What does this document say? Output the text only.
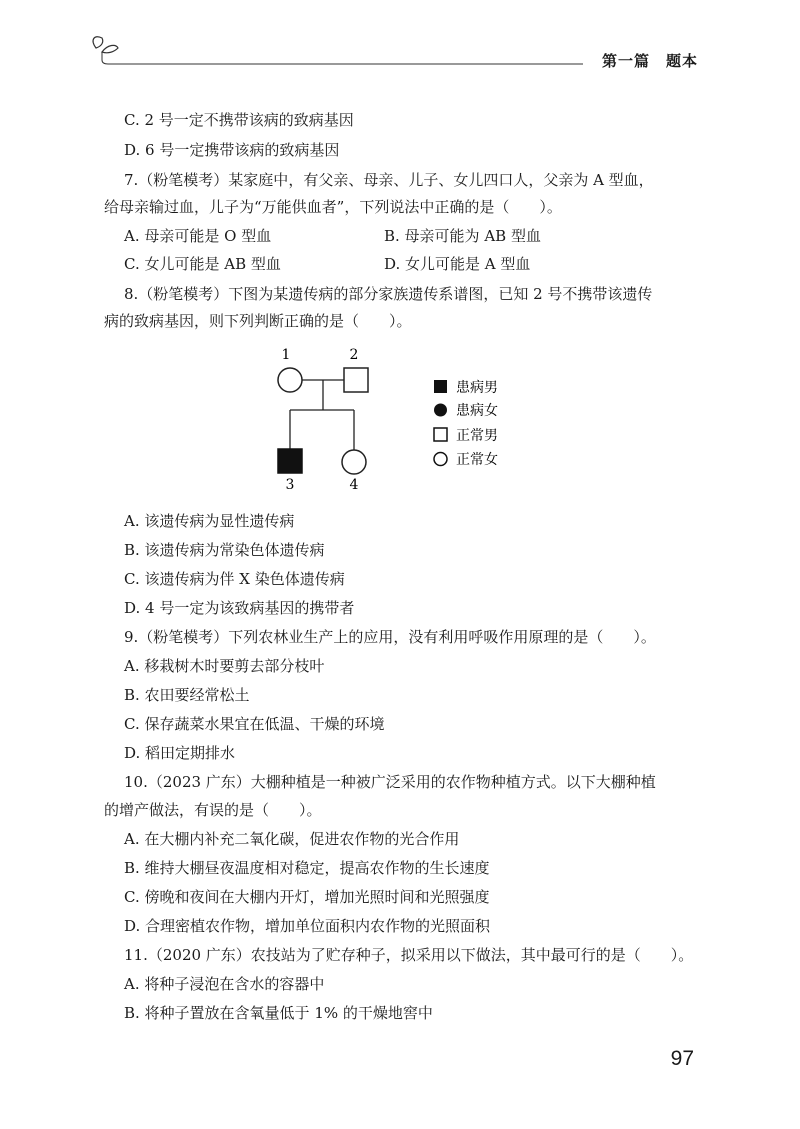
第一篇　题本
C. 2 号一定不携带该病的致病基因
D. 6 号一定携带该病的致病基因
7.（粉笔模考）某家庭中，有父亲、母亲、儿子、女儿四口人，父亲为 A 型血，
给母亲输过血，儿子为“万能供血者”，下列说法中正确的是（　　）。
A. 母亲可能是 O 型血	B. 母亲可能为 AB 型血
C. 女儿可能是 AB 型血	D. 女儿可能是 A 型血
8.（粉笔模考）下图为某遗传病的部分家族遗传系谱图，已知 2 号不携带该遗传
病的致病基因，则下列判断正确的是（　　）。
1	2
3	4
患病男
患病女
正常男
正常女
A. 该遗传病为显性遗传病
B. 该遗传病为常染色体遗传病
C. 该遗传病为伴 X 染色体遗传病
D. 4 号一定为该致病基因的携带者
9.（粉笔模考）下列农林业生产上的应用，没有利用呼吸作用原理的是（　　）。
A. 移栽树木时要剪去部分枝叶
B. 农田要经常松土
C. 保存蔬菜水果宜在低温、干燥的环境
D. 稻田定期排水
10.（2023 广东）大棚种植是一种被广泛采用的农作物种植方式。以下大棚种植
的增产做法，有误的是（　　）。
A. 在大棚内补充二氧化碳，促进农作物的光合作用
B. 维持大棚昼夜温度相对稳定，提高农作物的生长速度
C. 傍晚和夜间在大棚内开灯，增加光照时间和光照强度
D. 合理密植农作物，增加单位面积内农作物的光照面积
11.（2020 广东）农技站为了贮存种子，拟采用以下做法，其中最可行的是（　　）。
A. 将种子浸泡在含水的容器中
B. 将种子置放在含氧量低于 1% 的干燥地窖中
97
